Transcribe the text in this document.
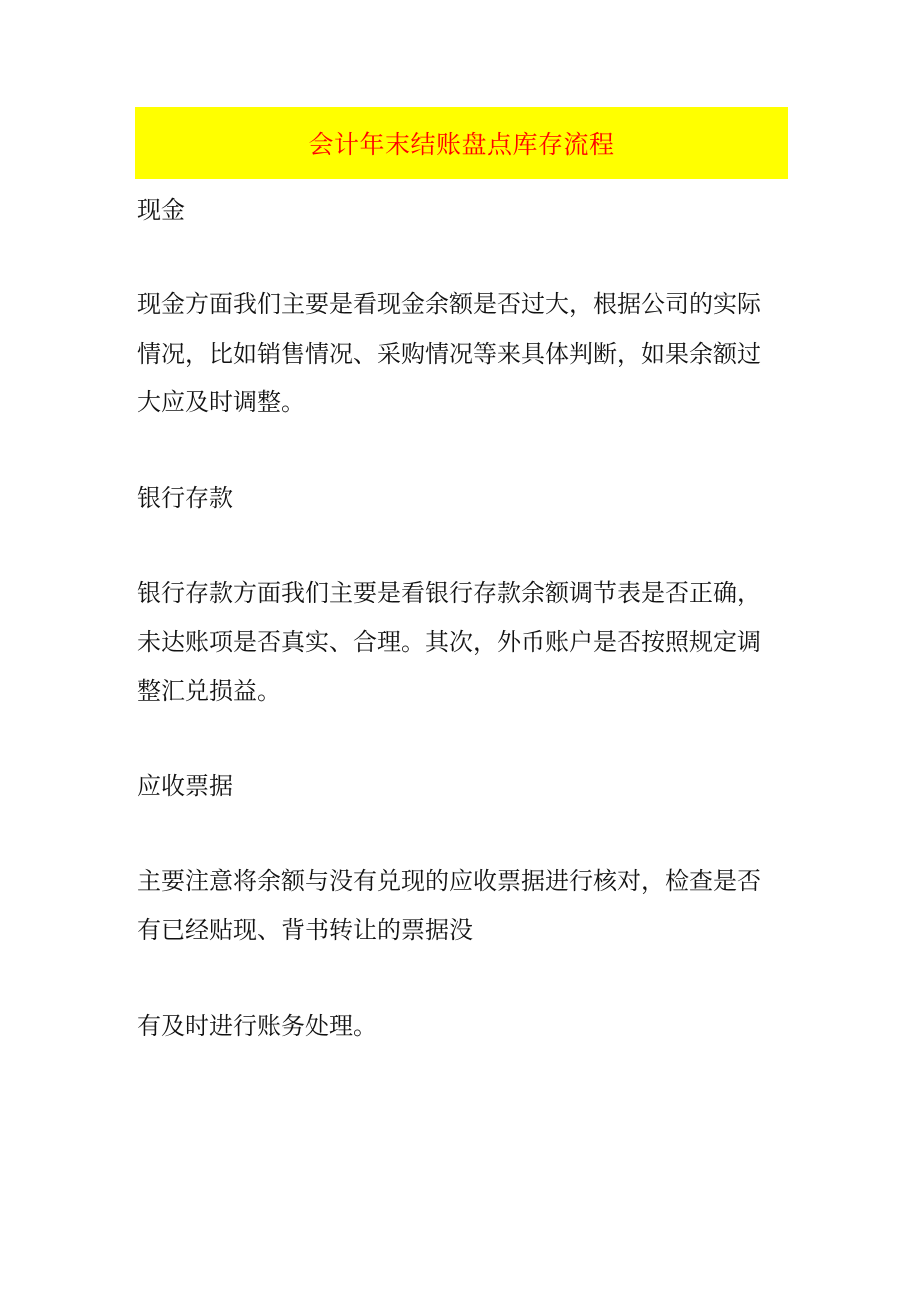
会计年末结账盘点库存流程
现金
现金方面我们主要是看现金余额是否过大，根据公司的实际
情况，比如销售情况、采购情况等来具体判断，如果余额过
大应及时调整。
银行存款
银行存款方面我们主要是看银行存款余额调节表是否正确，
未达账项是否真实、合理。其次，外币账户是否按照规定调
整汇兑损益。
应收票据
主要注意将余额与没有兑现的应收票据进行核对，检查是否
有已经贴现、背书转让的票据没
有及时进行账务处理。
